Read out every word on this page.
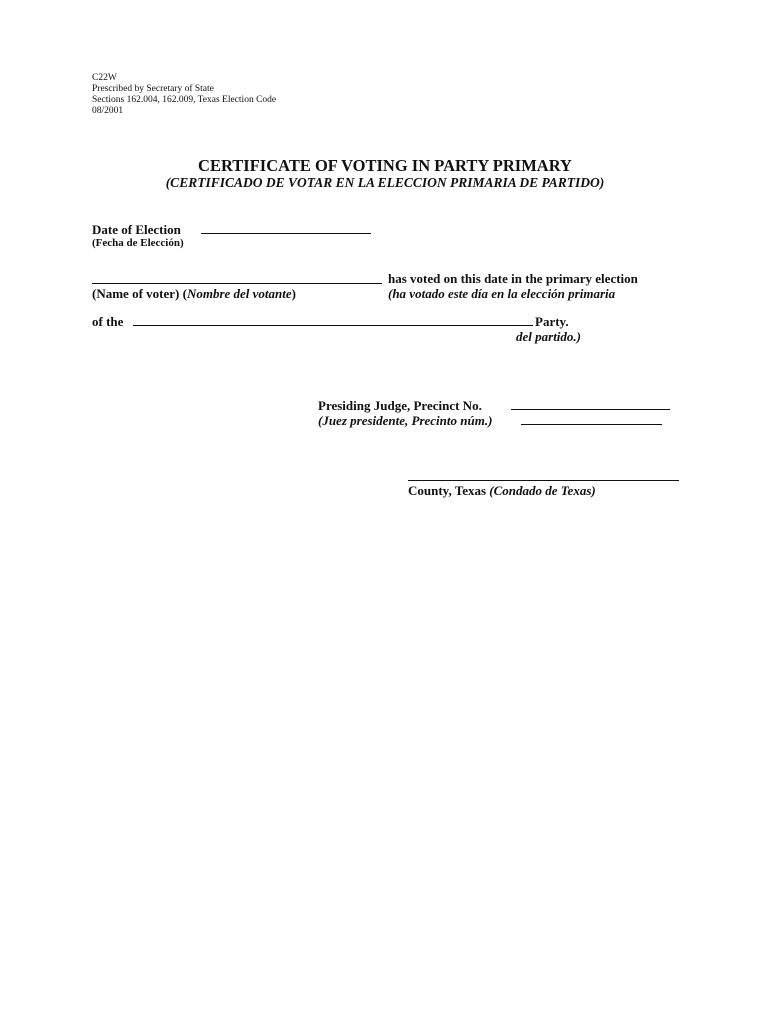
C22W
Prescribed by Secretary of State
Sections 162.004, 162.009, Texas Election Code
08/2001
CERTIFICATE OF VOTING IN PARTY PRIMARY
(CERTIFICADO DE VOTAR EN LA ELECCION PRIMARIA DE PARTIDO)
Date of Election
(Fecha de Elección)
has voted on this date in the primary election
(Name of voter) (Nombre del votante)	(ha votado este día en la elección primaria
of the	Party.
del partido.)
Presiding Judge, Precinct No.
(Juez presidente, Precinto núm.)
County, Texas (Condado de Texas)
